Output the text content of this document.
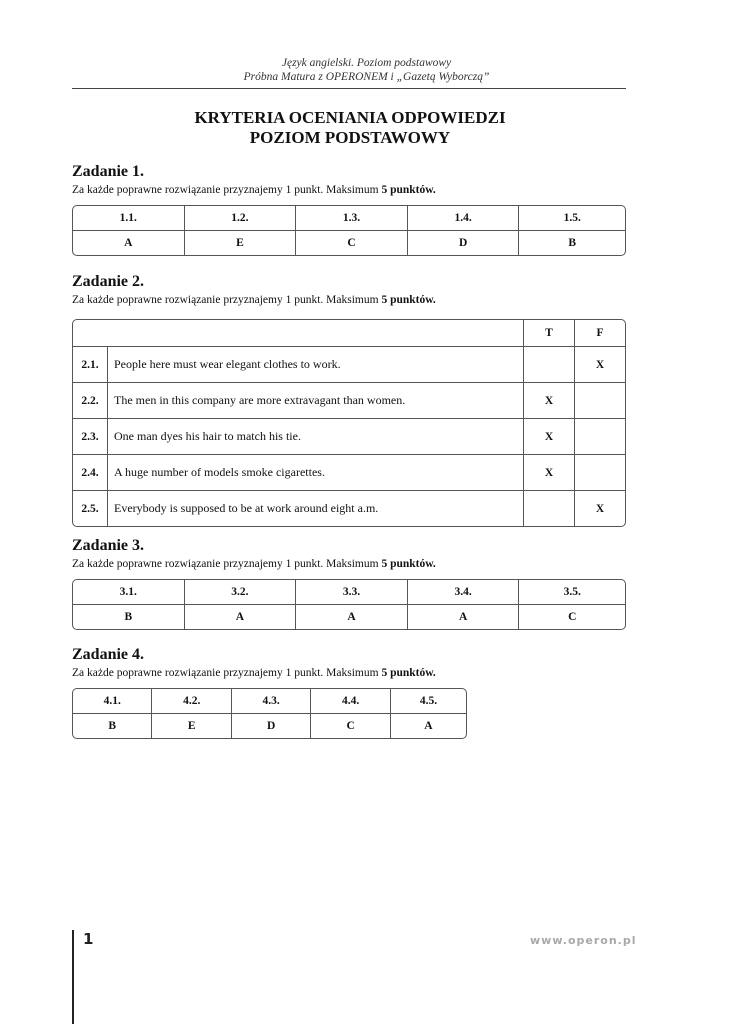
Język angielski. Poziom podstawowy
Próbna Matura z OPERONEM i „Gazetą Wyborczą”
KRYTERIA OCENIANIA ODPOWIEDZI
POZIOM PODSTAWOWY

Zadanie 1.

Za każde poprawne rozwiązanie przyznajemy 1 punkt. Maksimum 5 punktów.

1.1.	1.2.	1.3.	1.4.	1.5.
A	E	C	D	B

Zadanie 2.

Za każde poprawne rozwiązanie przyznajemy 1 punkt. Maksimum 5 punktów.

		T	F
2.1.	People here must wear elegant clothes to work.		X
2.2.	The men in this company are more extravagant than women.	X	
2.3.	One man dyes his hair to match his tie.	X	
2.4.	A huge number of models smoke cigarettes.	X	
2.5.	Everybody is supposed to be at work around eight a.m.		X

Zadanie 3.

Za każde poprawne rozwiązanie przyznajemy 1 punkt. Maksimum 5 punktów.

3.1.	3.2.	3.3.	3.4.	3.5.
B	A	A	A	C

Zadanie 4.

Za każde poprawne rozwiązanie przyznajemy 1 punkt. Maksimum 5 punktów.

4.1.	4.2.	4.3.	4.4.	4.5.
B	E	D	C	A
1	www.operon.pl
